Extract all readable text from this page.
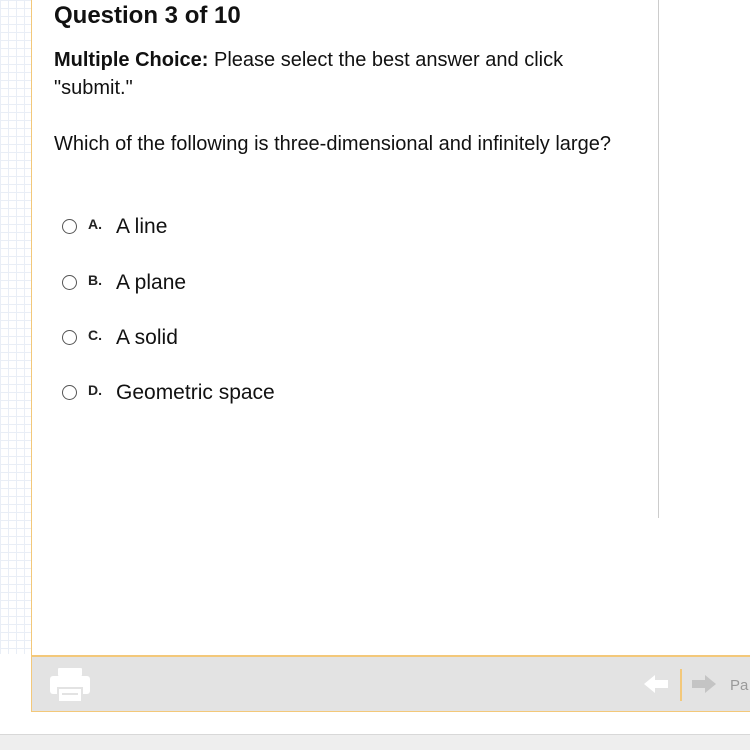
Question 3 of 10
Multiple Choice: Please select the best answer and click "submit."
Which of the following is three-dimensional and infinitely large?
A. A line
B. A plane
C. A solid
D. Geometric space
Pa
